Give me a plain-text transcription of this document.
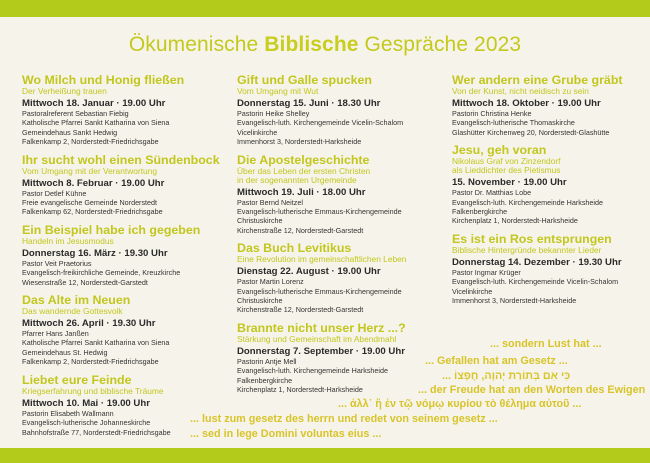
Ökumenische Biblische Gespräche 2023
Wo Milch und Honig fließen
Der Verheißung trauen
Mittwoch 18. Januar · 19.00 Uhr
Pastoralreferent Sebastian Fiebig
Katholische Pfarrei Sankt Katharina von Siena
Gemeindehaus Sankt Hedwig
Falkenkamp 2, Norderstedt-Friedrichsgabe
Ihr sucht wohl einen Sündenbock
Vom Umgang mit der Verantwortung
Mittwoch 8. Februar · 19.00 Uhr
Pastor Detlef Kühne
Freie evangelische Gemeinde Norderstedt
Falkenkamp 62, Norderstedt-Friedrichsgabe
Ein Beispiel habe ich gegeben
Handeln im Jesusmodus
Donnerstag 16. März · 19.30 Uhr
Pastor Veit Praetorius
Evangelisch-freikirchliche Gemeinde, Kreuzkirche
Wiesenstraße 12, Norderstedt-Garstedt
Das Alte im Neuen
Das wandernde Gottesvolk
Mittwoch 26. April · 19.30 Uhr
Pfarrer Hans Janßen
Katholische Pfarrei Sankt Katharina von Siena
Gemeindehaus St. Hedwig
Falkenkamp 2, Norderstedt-Friedrichsgabe
Liebet eure Feinde
Kriegserfahrung und biblische Träume
Mittwoch 10. Mai · 19.00 Uhr
Pastorin Elisabeth Wallmann
Evangelisch-lutherische Johanneskirche
Bahnhofstraße 77, Norderstedt-Friedrichsgabe
Gift und Galle spucken
Vom Umgang mit Wut
Donnerstag 15. Juni · 18.30 Uhr
Pastorin Heike Shelley
Evangelisch-luth. Kirchengemeinde Vicelin-Schalom
Vicelinkirche
Immenhorst 3, Norderstedt-Harksheide
Die Apostelgeschichte
Über das Leben der ersten Christen
in der sogenannten Urgemeinde
Mittwoch 19. Juli · 18.00 Uhr
Pastor Bernd Neitzel
Evangelisch-lutherische Emmaus-Kirchengemeinde
Christuskirche
Kirchenstraße 12, Norderstedt-Garstedt
Das Buch Levitikus
Eine Revolution im gemeinschaftlichen Leben
Dienstag 22. August · 19.00 Uhr
Pastor Martin Lorenz
Evangelisch-lutherische Emmaus-Kirchengemeinde
Christuskirche
Kirchenstraße 12, Norderstedt-Garstedt
Brannte nicht unser Herz ...?
Stärkung und Gemeinschaft im Abendmahl
Donnerstag 7. September · 19.00 Uhr
Pastorin Antje Mell
Evangelisch-luth. Kirchengemeinde Harksheide
Falkenbergkirche
Kirchenplatz 1, Norderstedt-Harksheide
Wer andern eine Grube gräbt
Von der Kunst, nicht neidisch zu sein
Mittwoch 18. Oktober · 19.00 Uhr
Pastorin Christina Henke
Evangelisch-lutherische Thomaskirche
Glashütter Kirchenweg 20, Norderstedt-Glashütte
Jesu, geh voran
Nikolaus Graf von Zinzendorf
als Lieddichter des Pietismus
15. November · 19.00 Uhr
Pastor Dr. Matthias Lobe
Evangelisch-luth. Kirchengemeinde Harksheide
Falkenbergkirche
Kirchenplatz 1, Norderstedt-Harksheide
Es ist ein Ros entsprungen
Biblische Hintergründe bekannter Lieder
Donnerstag 14. Dezember · 19.30 Uhr
Pastor Ingmar Krüger
Evangelisch-luth. Kirchengemeinde Vicelin-Schalom
Vicelinkirche
Immenhorst 3, Norderstedt-Harksheide
... sondern Lust hat ...
... Gefallen hat am Gesetz ...
כִּי אִם בְּתוֹרַת יְהוָה, חֶפְצוֹ ...
... der Freude hat an den Worten des Ewigen
... ἀλλ᾽ ἢ ἐν τῷ νόμῳ κυρίου τὸ θέλημα αὐτοῦ ...
... lust zum gesetz des herrn und redet von seinem gesetz ...
... sed in lege Domini voluntas eius ...
